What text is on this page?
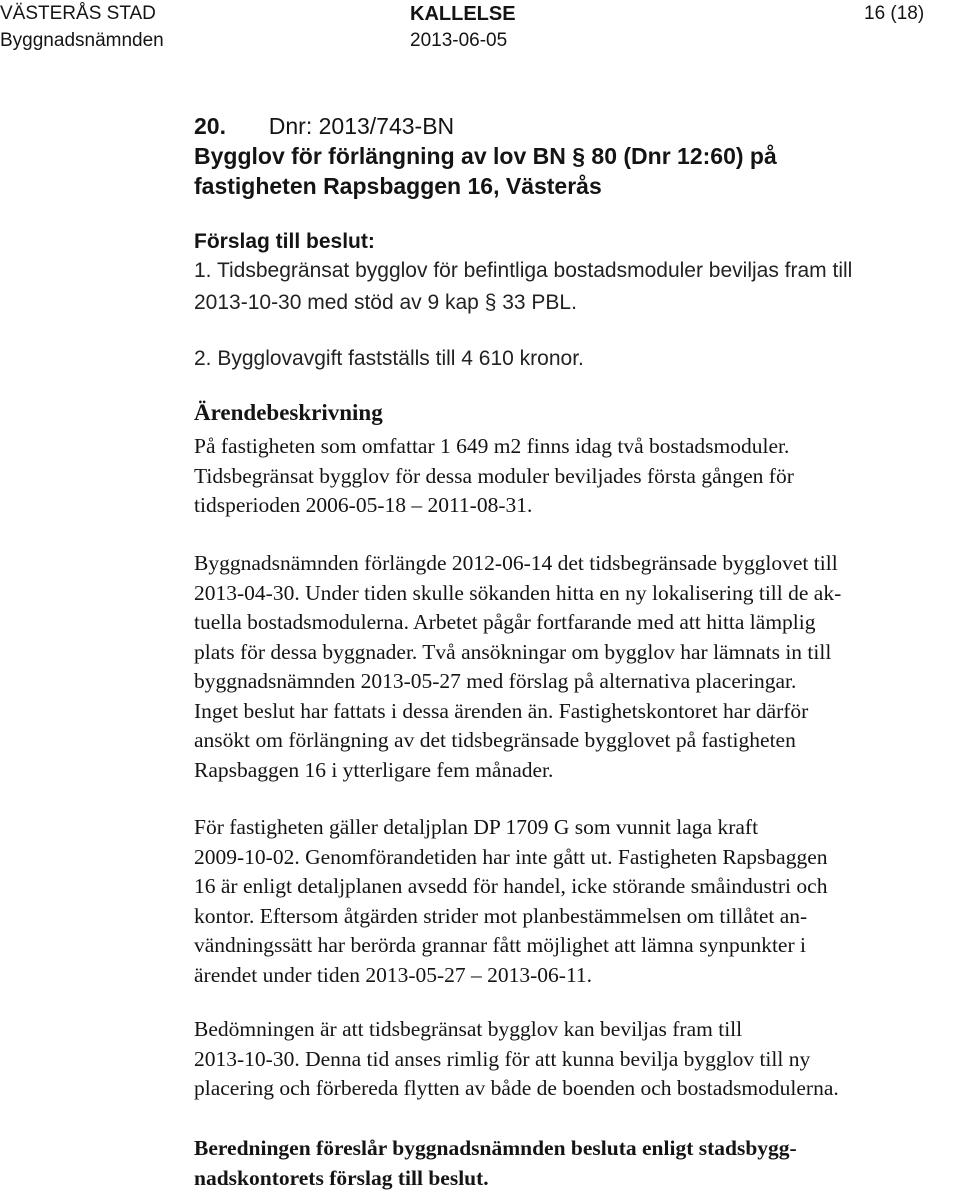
VÄSTERÅS STAD
Byggnadsnämnden
KALLELSE
2013-06-05
16 (18)
20. Dnr: 2013/743-BN
Bygglov för förlängning av lov BN § 80 (Dnr 12:60) på
fastigheten Rapsbaggen 16, Västerås
Förslag till beslut:
1. Tidsbegränsat bygglov för befintliga bostadsmoduler beviljas fram till
2013-10-30 med stöd av 9 kap § 33 PBL.
2. Bygglovavgift fastställs till 4 610 kronor.
Ärendebeskrivning
På fastigheten som omfattar 1 649 m2 finns idag två bostadsmoduler.
Tidsbegränsat bygglov för dessa moduler beviljades första gången för
tidsperioden 2006-05-18 – 2011-08-31.
Byggnadsnämnden förlängde 2012-06-14 det tidsbegränsade bygglovet till
2013-04-30. Under tiden skulle sökanden hitta en ny lokalisering till de ak-
tuella bostadsmodulerna. Arbetet pågår fortfarande med att hitta lämplig
plats för dessa byggnader. Två ansökningar om bygglov har lämnats in till
byggnadsnämnden 2013-05-27 med förslag på alternativa placeringar.
Inget beslut har fattats i dessa ärenden än. Fastighetskontoret har därför
ansökt om förlängning av det tidsbegränsade bygglovet på fastigheten
Rapsbaggen 16 i ytterligare fem månader.
För fastigheten gäller detaljplan DP 1709 G som vunnit laga kraft
2009-10-02. Genomförandetiden har inte gått ut. Fastigheten Rapsbaggen
16 är enligt detaljplanen avsedd för handel, icke störande småindustri och
kontor. Eftersom åtgärden strider mot planbestämmelsen om tillåtet an-
vändningssätt har berörda grannar fått möjlighet att lämna synpunkter i
ärendet under tiden 2013-05-27 – 2013-06-11.
Bedömningen är att tidsbegränsat bygglov kan beviljas fram till
2013-10-30. Denna tid anses rimlig för att kunna bevilja bygglov till ny
placering och förbereda flytten av både de boenden och bostadsmodulerna.
Beredningen föreslår byggnadsnämnden besluta enligt stadsbygg-
nadskontorets förslag till beslut.
